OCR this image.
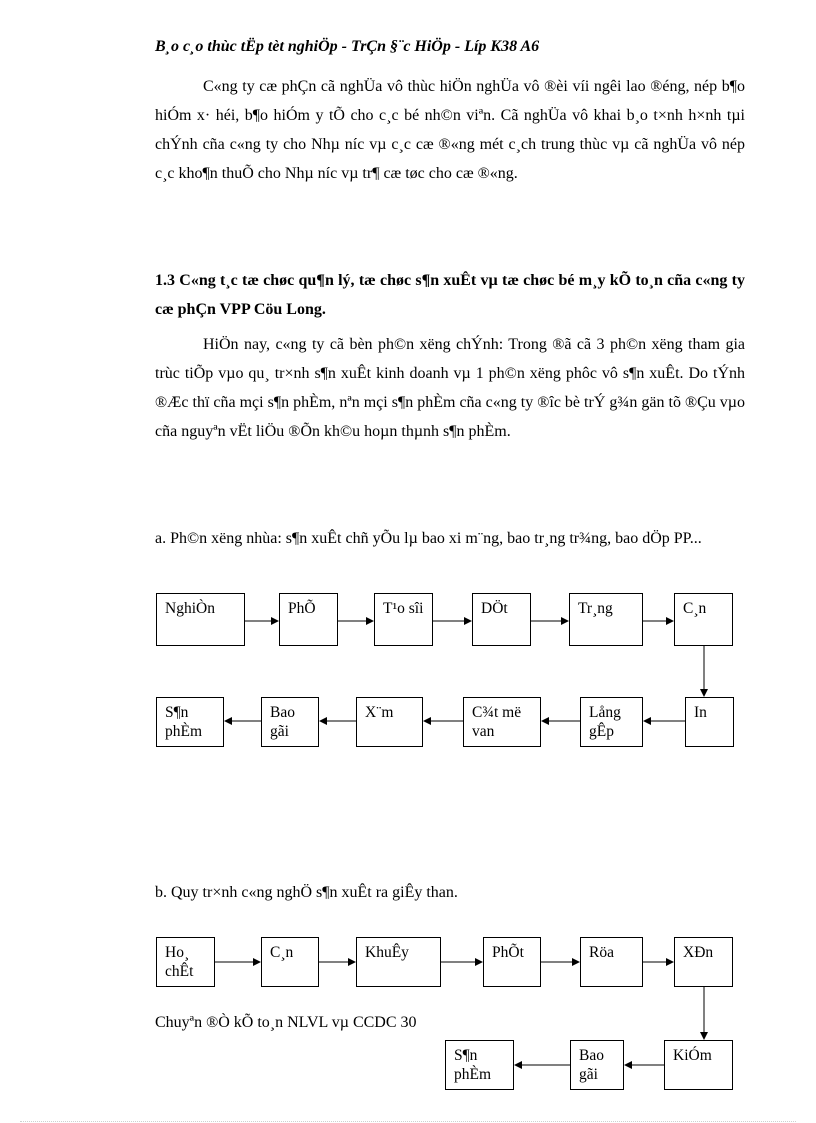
B¸o c¸o thùc tËp tèt nghiÖp - TrÇn §¨c HiÖp - Líp K38 A6

C«ng ty cæ phÇn cã nghÜa vô thùc hiÖn nghÜa vô ®èi víi ngêi lao ®éng, nép b¶o hiÓm x· héi, b¶o hiÓm y tÕ cho c¸c bé nh©n viªn. Cã nghÜa vô khai b¸o t×nh h×nh tµi chÝnh cña c«ng ty cho Nhµ níc vµ c¸c cæ ®«ng mét c¸ch trung thùc vµ cã nghÜa vô nép c¸c kho¶n thuÕ cho Nhµ níc vµ tr¶ cæ tøc cho cæ ®«ng.

1.3 C«ng t¸c tæ chøc qu¶n lý, tæ chøc s¶n xuÊt vµ tæ chøc bé m¸y kÕ to¸n cña c«ng ty cæ phÇn VPP Cöu Long.

HiÖn nay, c«ng ty cã bèn ph©n xëng chÝnh: Trong ®ã cã 3 ph©n xëng tham gia trùc tiÕp vµo qu¸ tr×nh s¶n xuÊt kinh doanh vµ 1 ph©n xëng phôc vô s¶n xuÊt. Do tÝnh ®Æc thï cña mçi s¶n phÈm, nªn mçi s¶n phÈm cña c«ng ty ®îc bè trÝ g¾n gän tõ ®Çu vµo cña nguyªn vËt liÖu ®Õn kh©u hoµn thµnh s¶n phÈm.

a. Ph©n xëng nhùa: s¶n xuÊt chñ yÕu lµ bao xi m¨ng, bao tr¸ng tr¾ng, bao dÖp PP...

NghiÒn	PhÕ	T¹o sîi	DÖt	Tr¸ng	C¸n
In
Lång gÊp
C¾t më van
X¨m
Bao gãi
S¶n phÈm

b. Quy tr×nh c«ng nghÖ s¶n xuÊt ra giÊy than.

Ho¸ chÊt
C¸n	KhuÊy	PhÕt	Röa	XÐn
Chuyªn ®Ò kÕ to¸n NLVL vµ CCDC 30
KiÓm
Bao gãi
S¶n phÈm
